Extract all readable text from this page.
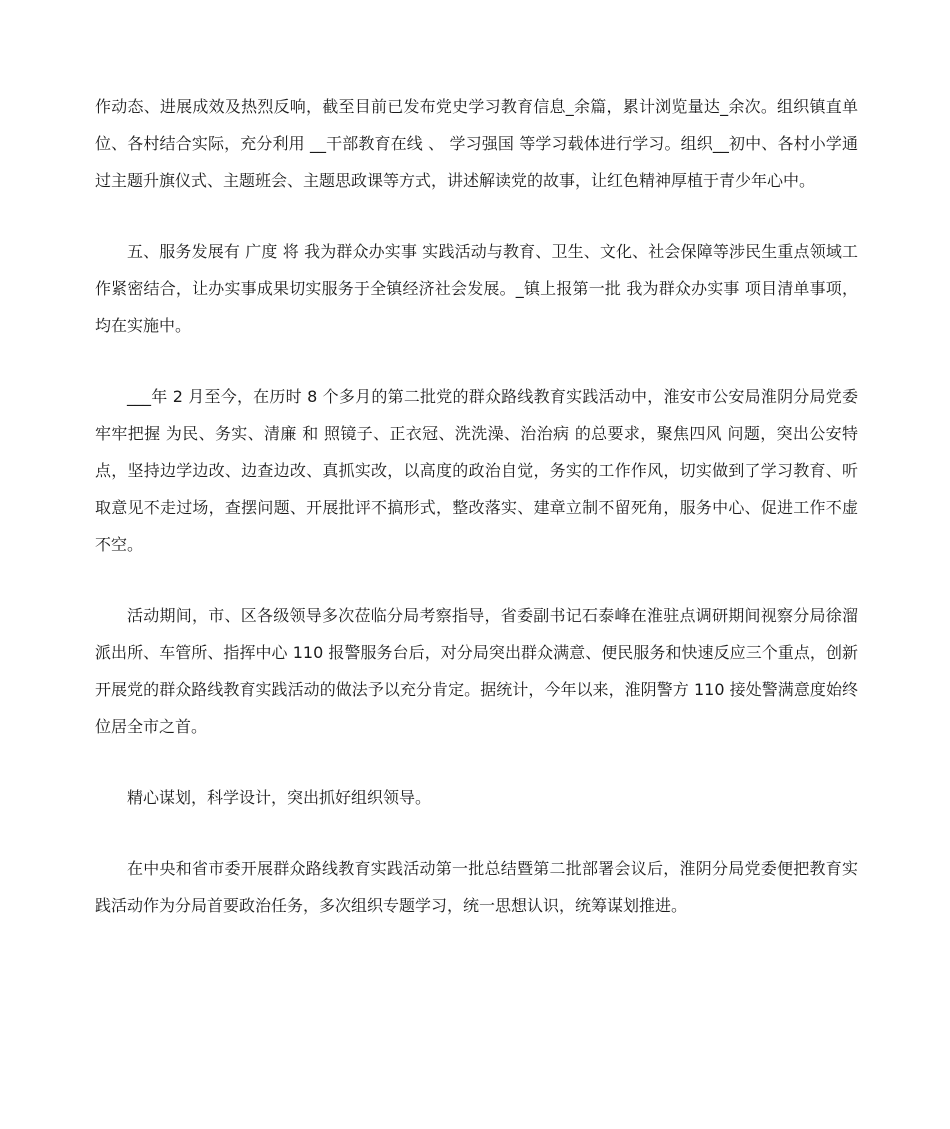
作动态、进展成效及热烈反响，截至目前已发布党史学习教育信息_余篇，累计浏览量达_余次。组织镇直单位、各村结合实际，充分利用 __干部教育在线 、 学习强国 等学习载体进行学习。组织__初中、各村小学通过主题升旗仪式、主题班会、主题思政课等方式，讲述解读党的故事，让红色精神厚植于青少年心中。

五、服务发展有 广度 将 我为群众办实事 实践活动与教育、卫生、文化、社会保障等涉民生重点领域工作紧密结合，让办实事成果切实服务于全镇经济社会发展。_镇上报第一批 我为群众办实事 项目清单事项，均在实施中。

___年 2 月至今，在历时 8 个多月的第二批党的群众路线教育实践活动中，淮安市公安局淮阴分局党委牢牢把握 为民、务实、清廉 和 照镜子、正衣冠、洗洗澡、治治病 的总要求，聚焦四风 问题，突出公安特点，坚持边学边改、边查边改、真抓实改，以高度的政治自觉，务实的工作作风，切实做到了学习教育、听取意见不走过场，查摆问题、开展批评不搞形式，整改落实、建章立制不留死角，服务中心、促进工作不虚不空。

活动期间，市、区各级领导多次莅临分局考察指导，省委副书记石泰峰在淮驻点调研期间视察分局徐溜派出所、车管所、指挥中心 110 报警服务台后，对分局突出群众满意、便民服务和快速反应三个重点，创新开展党的群众路线教育实践活动的做法予以充分肯定。据统计，今年以来，淮阴警方 110 接处警满意度始终位居全市之首。

精心谋划，科学设计，突出抓好组织领导。

在中央和省市委开展群众路线教育实践活动第一批总结暨第二批部署会议后，淮阴分局党委便把教育实践活动作为分局首要政治任务，多次组织专题学习，统一思想认识，统筹谋划推进。
